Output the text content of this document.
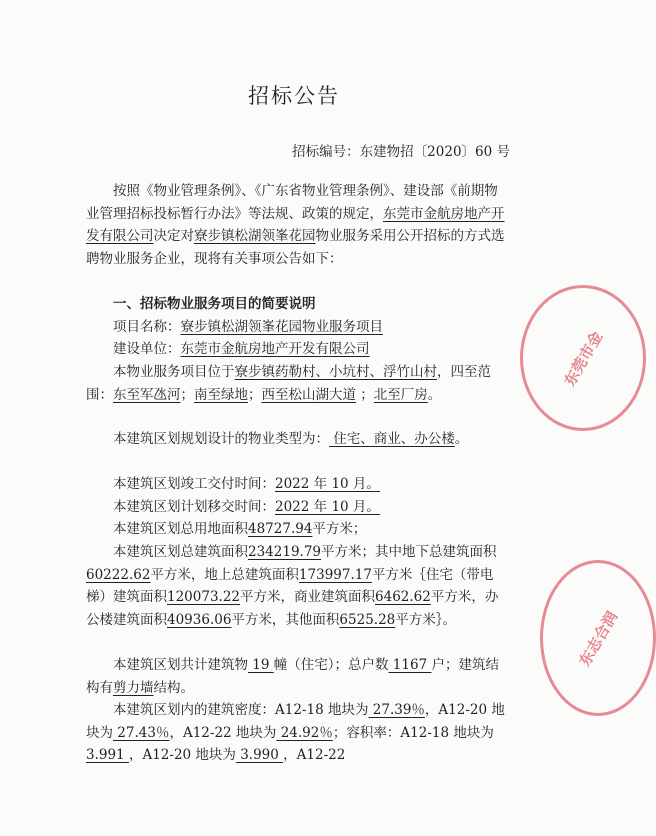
招标公告
招标编号：东建物招〔2020〕60 号

按照《物业管理条例》、《广东省物业管理条例》、建设部《前期物业管理招标投标暂行办法》等法规、政策的规定，东莞市金航房地产开发有限公司决定对寮步镇松湖领峯花园物业服务采用公开招标的方式选聘物业服务企业，现将有关事项公告如下：

一、招标物业服务项目的简要说明

项目名称：寮步镇松湖领峯花园物业服务项目

建设单位：东莞市金航房地产开发有限公司

本物业服务项目位于寮步镇药勒村、小坑村、浮竹山村，四至范围：东至军氹河；南至绿地；西至松山湖大道 ；北至厂房。

本建筑区划规划设计的物业类型为： 住宅、商业、办公楼。

本建筑区划竣工交付时间：2022 年 10 月。

本建筑区划计划移交时间：2022 年 10 月。

本建筑区划总用地面积48727.94平方米；

本建筑区划总建筑面积234219.79平方米；其中地下总建筑面积60222.62平方米，地上总建筑面积173997.17平方米｛住宅（带电梯）建筑面积120073.22平方米，商业建筑面积6462.62平方米，办公楼建筑面积40936.06平方米，其他面积6525.28平方米｝。

本建筑区划共计建筑物 19 幢（住宅）；总户数 1167 户；建筑结构有剪力墙结构。

本建筑区划内的建筑密度：A12-18 地块为 27.39％，A12-20 地块为 27.43％，A12-22 地块为 24.92％；容积率：A12-18 地块为 3.991 ，A12-20 地块为 3.990 ，A12-22

东莞市金
东志合润
